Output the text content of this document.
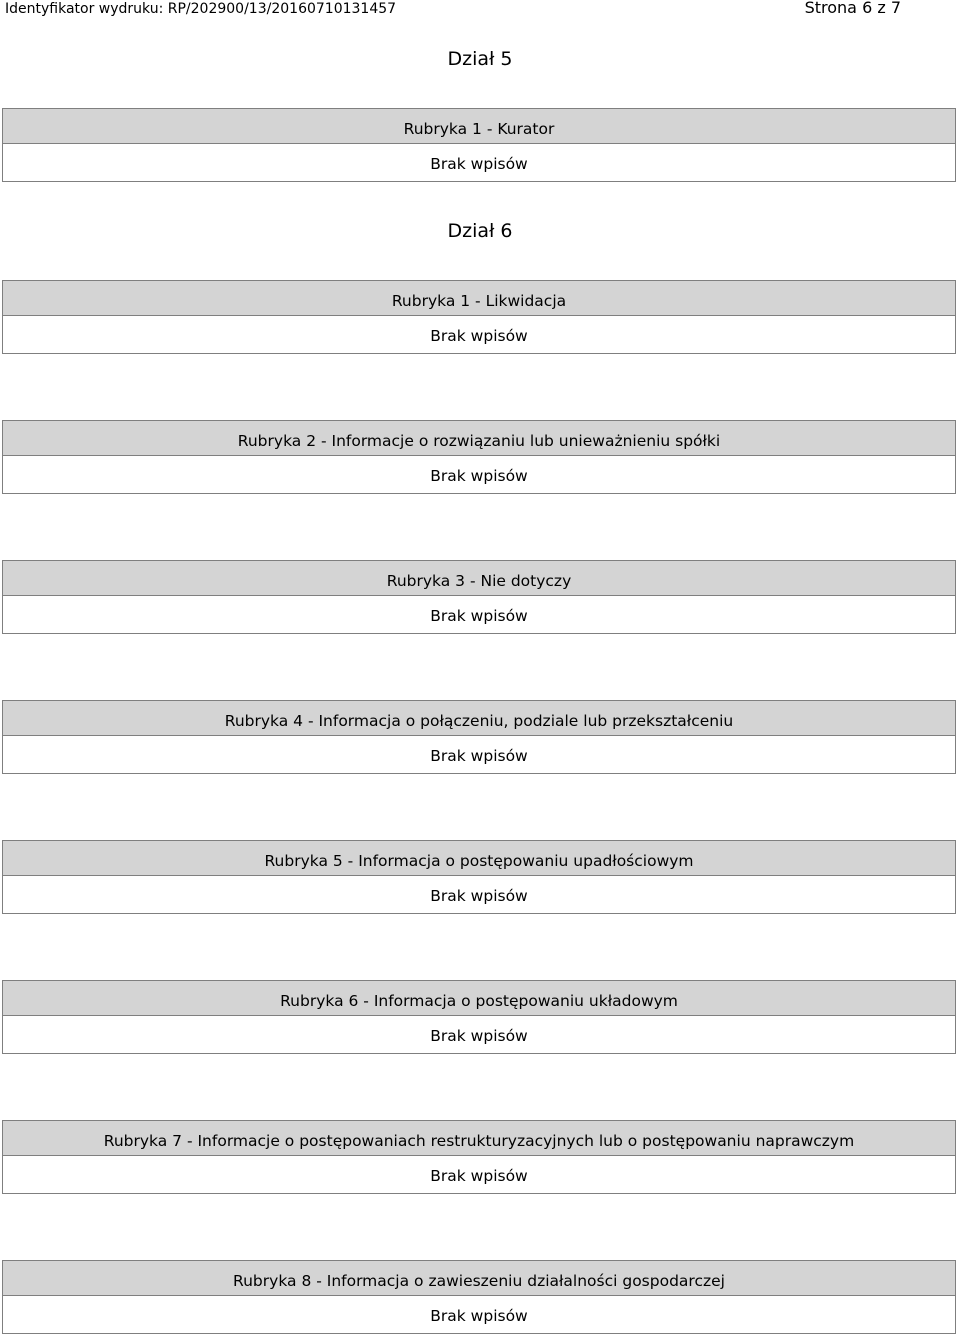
Identyfikator wydruku: RP/202900/13/20160710131457	Strona 6 z 7
Dział 5
Rubryka 1 - Kurator
Brak wpisów
Dział 6
Rubryka 1 - Likwidacja
Brak wpisów
Rubryka 2 - Informacje o rozwiązaniu lub unieważnieniu spółki
Brak wpisów
Rubryka 3 - Nie dotyczy
Brak wpisów
Rubryka 4 - Informacja o połączeniu, podziale lub przekształceniu
Brak wpisów
Rubryka 5 - Informacja o postępowaniu upadłościowym
Brak wpisów
Rubryka 6 - Informacja o postępowaniu układowym
Brak wpisów
Rubryka 7 - Informacje o postępowaniach restrukturyzacyjnych lub o postępowaniu naprawczym
Brak wpisów
Rubryka 8 - Informacja o zawieszeniu działalności gospodarczej
Brak wpisów
